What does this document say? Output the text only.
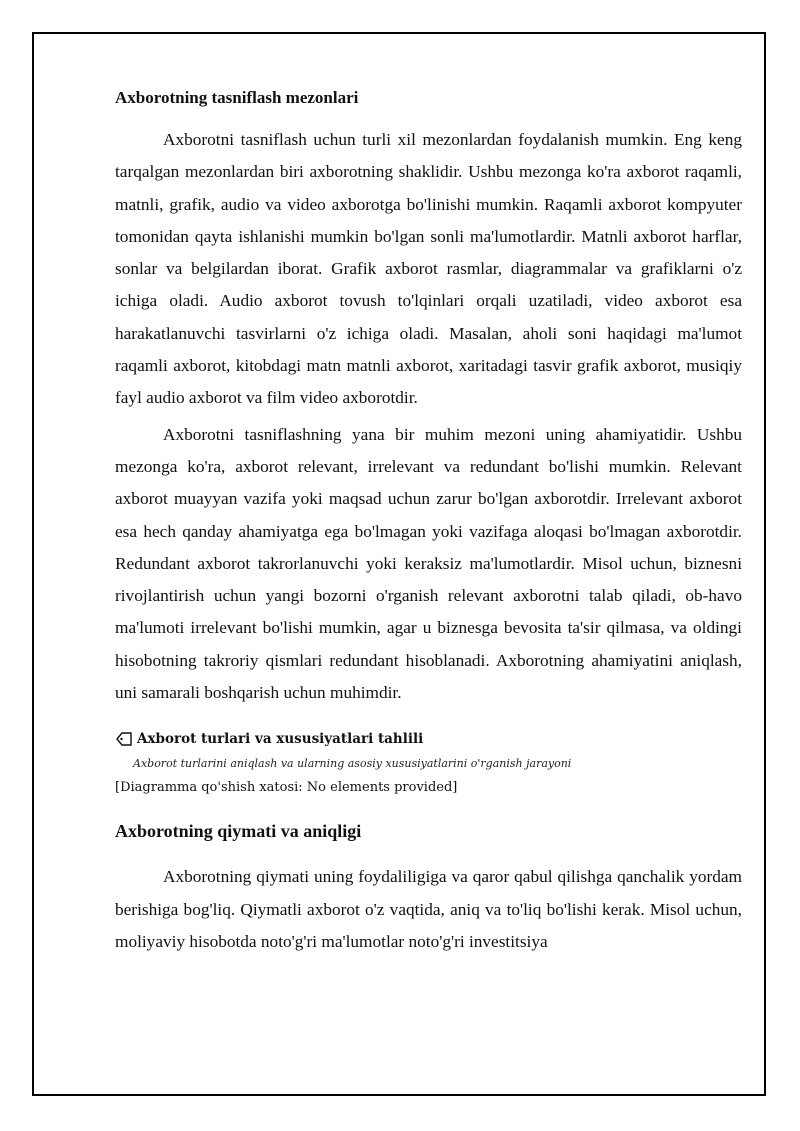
Axborotning tasniflash mezonlari

Axborotni tasniflash uchun turli xil mezonlardan foydalanish mumkin. Eng keng tarqalgan mezonlardan biri axborotning shaklidir. Ushbu mezonga ko'ra axborot raqamli, matnli, grafik, audio va video axborotga bo'linishi mumkin. Raqamli axborot kompyuter tomonidan qayta ishlanishi mumkin bo'lgan sonli ma'lumotlardir. Matnli axborot harflar, sonlar va belgilardan iborat. Grafik axborot rasmlar, diagrammalar va grafiklarni o'z ichiga oladi. Audio axborot tovush to'lqinlari orqali uzatiladi, video axborot esa harakatlanuvchi tasvirlarni o'z ichiga oladi. Masalan, aholi soni haqidagi ma'lumot raqamli axborot, kitobdagi matn matnli axborot, xaritadagi tasvir grafik axborot, musiqiy fayl audio axborot va film video axborotdir.

Axborotni tasniflashning yana bir muhim mezoni uning ahamiyatidir. Ushbu mezonga ko'ra, axborot relevant, irrelevant va redundant bo'lishi mumkin. Relevant axborot muayyan vazifa yoki maqsad uchun zarur bo'lgan axborotdir. Irrelevant axborot esa hech qanday ahamiyatga ega bo'lmagan yoki vazifaga aloqasi bo'lmagan axborotdir. Redundant axborot takrorlanuvchi yoki keraksiz ma'lumotlardir. Misol uchun, biznesni rivojlantirish uchun yangi bozorni o'rganish relevant axborotni talab qiladi, ob-havo ma'lumoti irrelevant bo'lishi mumkin, agar u biznesga bevosita ta'sir qilmasa, va oldingi hisobotning takroriy qismlari redundant hisoblanadi. Axborotning ahamiyatini aniqlash, uni samarali boshqarish uchun muhimdir.

Axborot turlari va xususiyatlari tahlili
Axborot turlarini aniqlash va ularning asosiy xususiyatlarini o'rganish jarayoni
[Diagramma qo'shish xatosi: No elements provided]
Axborotning qiymati va aniqligi

Axborotning qiymati uning foydaliligiga va qaror qabul qilishga qanchalik yordam berishiga bog'liq. Qiymatli axborot o'z vaqtida, aniq va to'liq bo'lishi kerak. Misol uchun, moliyaviy hisobotda noto'g'ri ma'lumotlar noto'g'ri investitsiya
